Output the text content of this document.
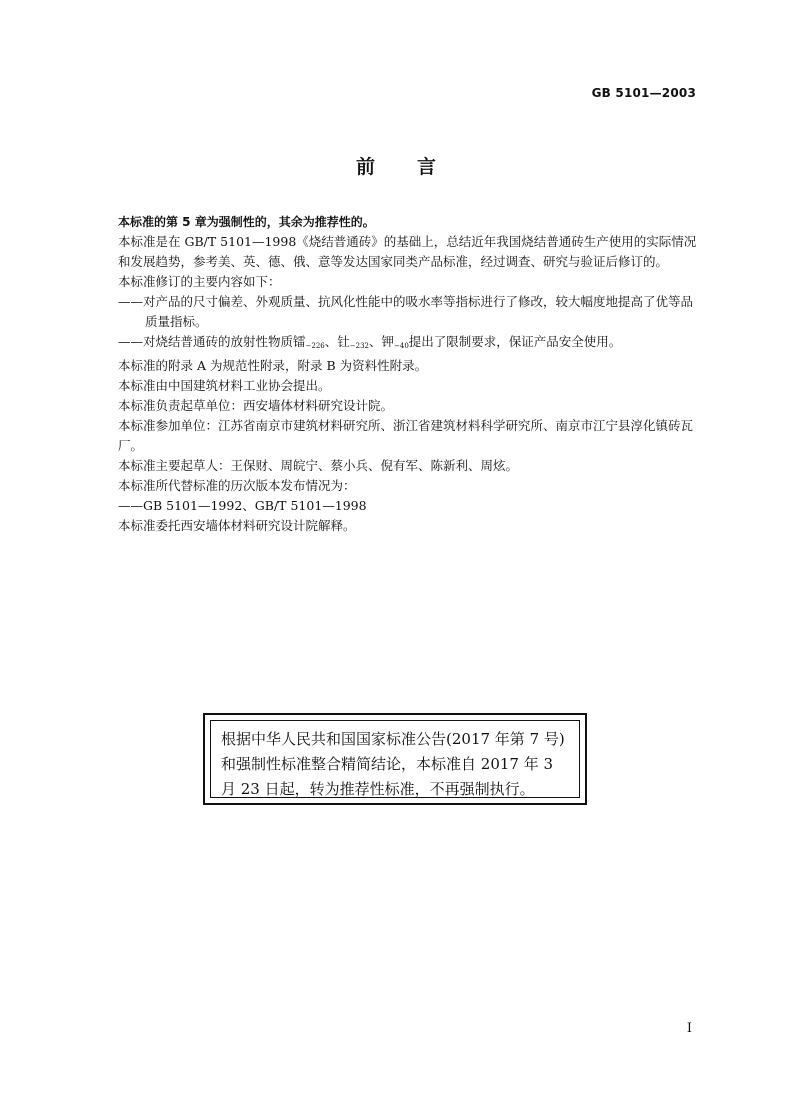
GB 5101—2003
前 言

本标准的第 5 章为强制性的，其余为推荐性的。

本标准是在 GB/T 5101—1998《烧结普通砖》的基础上，总结近年我国烧结普通砖生产使用的实际情况和发展趋势，参考美、英、德、俄、意等发达国家同类产品标准，经过调查、研究与验证后修订的。

本标准修订的主要内容如下：

——对产品的尺寸偏差、外观质量、抗风化性能中的吸水率等指标进行了修改，较大幅度地提高了优等品质量指标。

——对烧结普通砖的放射性物质镭$_{-226}$、钍$_{-232}$、钾$_{-40}$提出了限制要求，保证产品安全使用。

本标准的附录 A 为规范性附录，附录 B 为资料性附录。

本标准由中国建筑材料工业协会提出。

本标准负责起草单位：西安墙体材料研究设计院。

本标准参加单位：江苏省南京市建筑材料研究所、浙江省建筑材料科学研究所、南京市江宁县淳化镇砖瓦厂。

本标准主要起草人：王保财、周皖宁、蔡小兵、倪有军、陈新利、周炫。

本标准所代替标准的历次版本发布情况为：

——GB 5101—1992、GB/T 5101—1998

本标准委托西安墙体材料研究设计院解释。

根据中华人民共和国国家标准公告(2017 年第 7 号)和强制性标准整合精简结论，本标准自 2017 年 3 月 23 日起，转为推荐性标准，不再强制执行。
I
